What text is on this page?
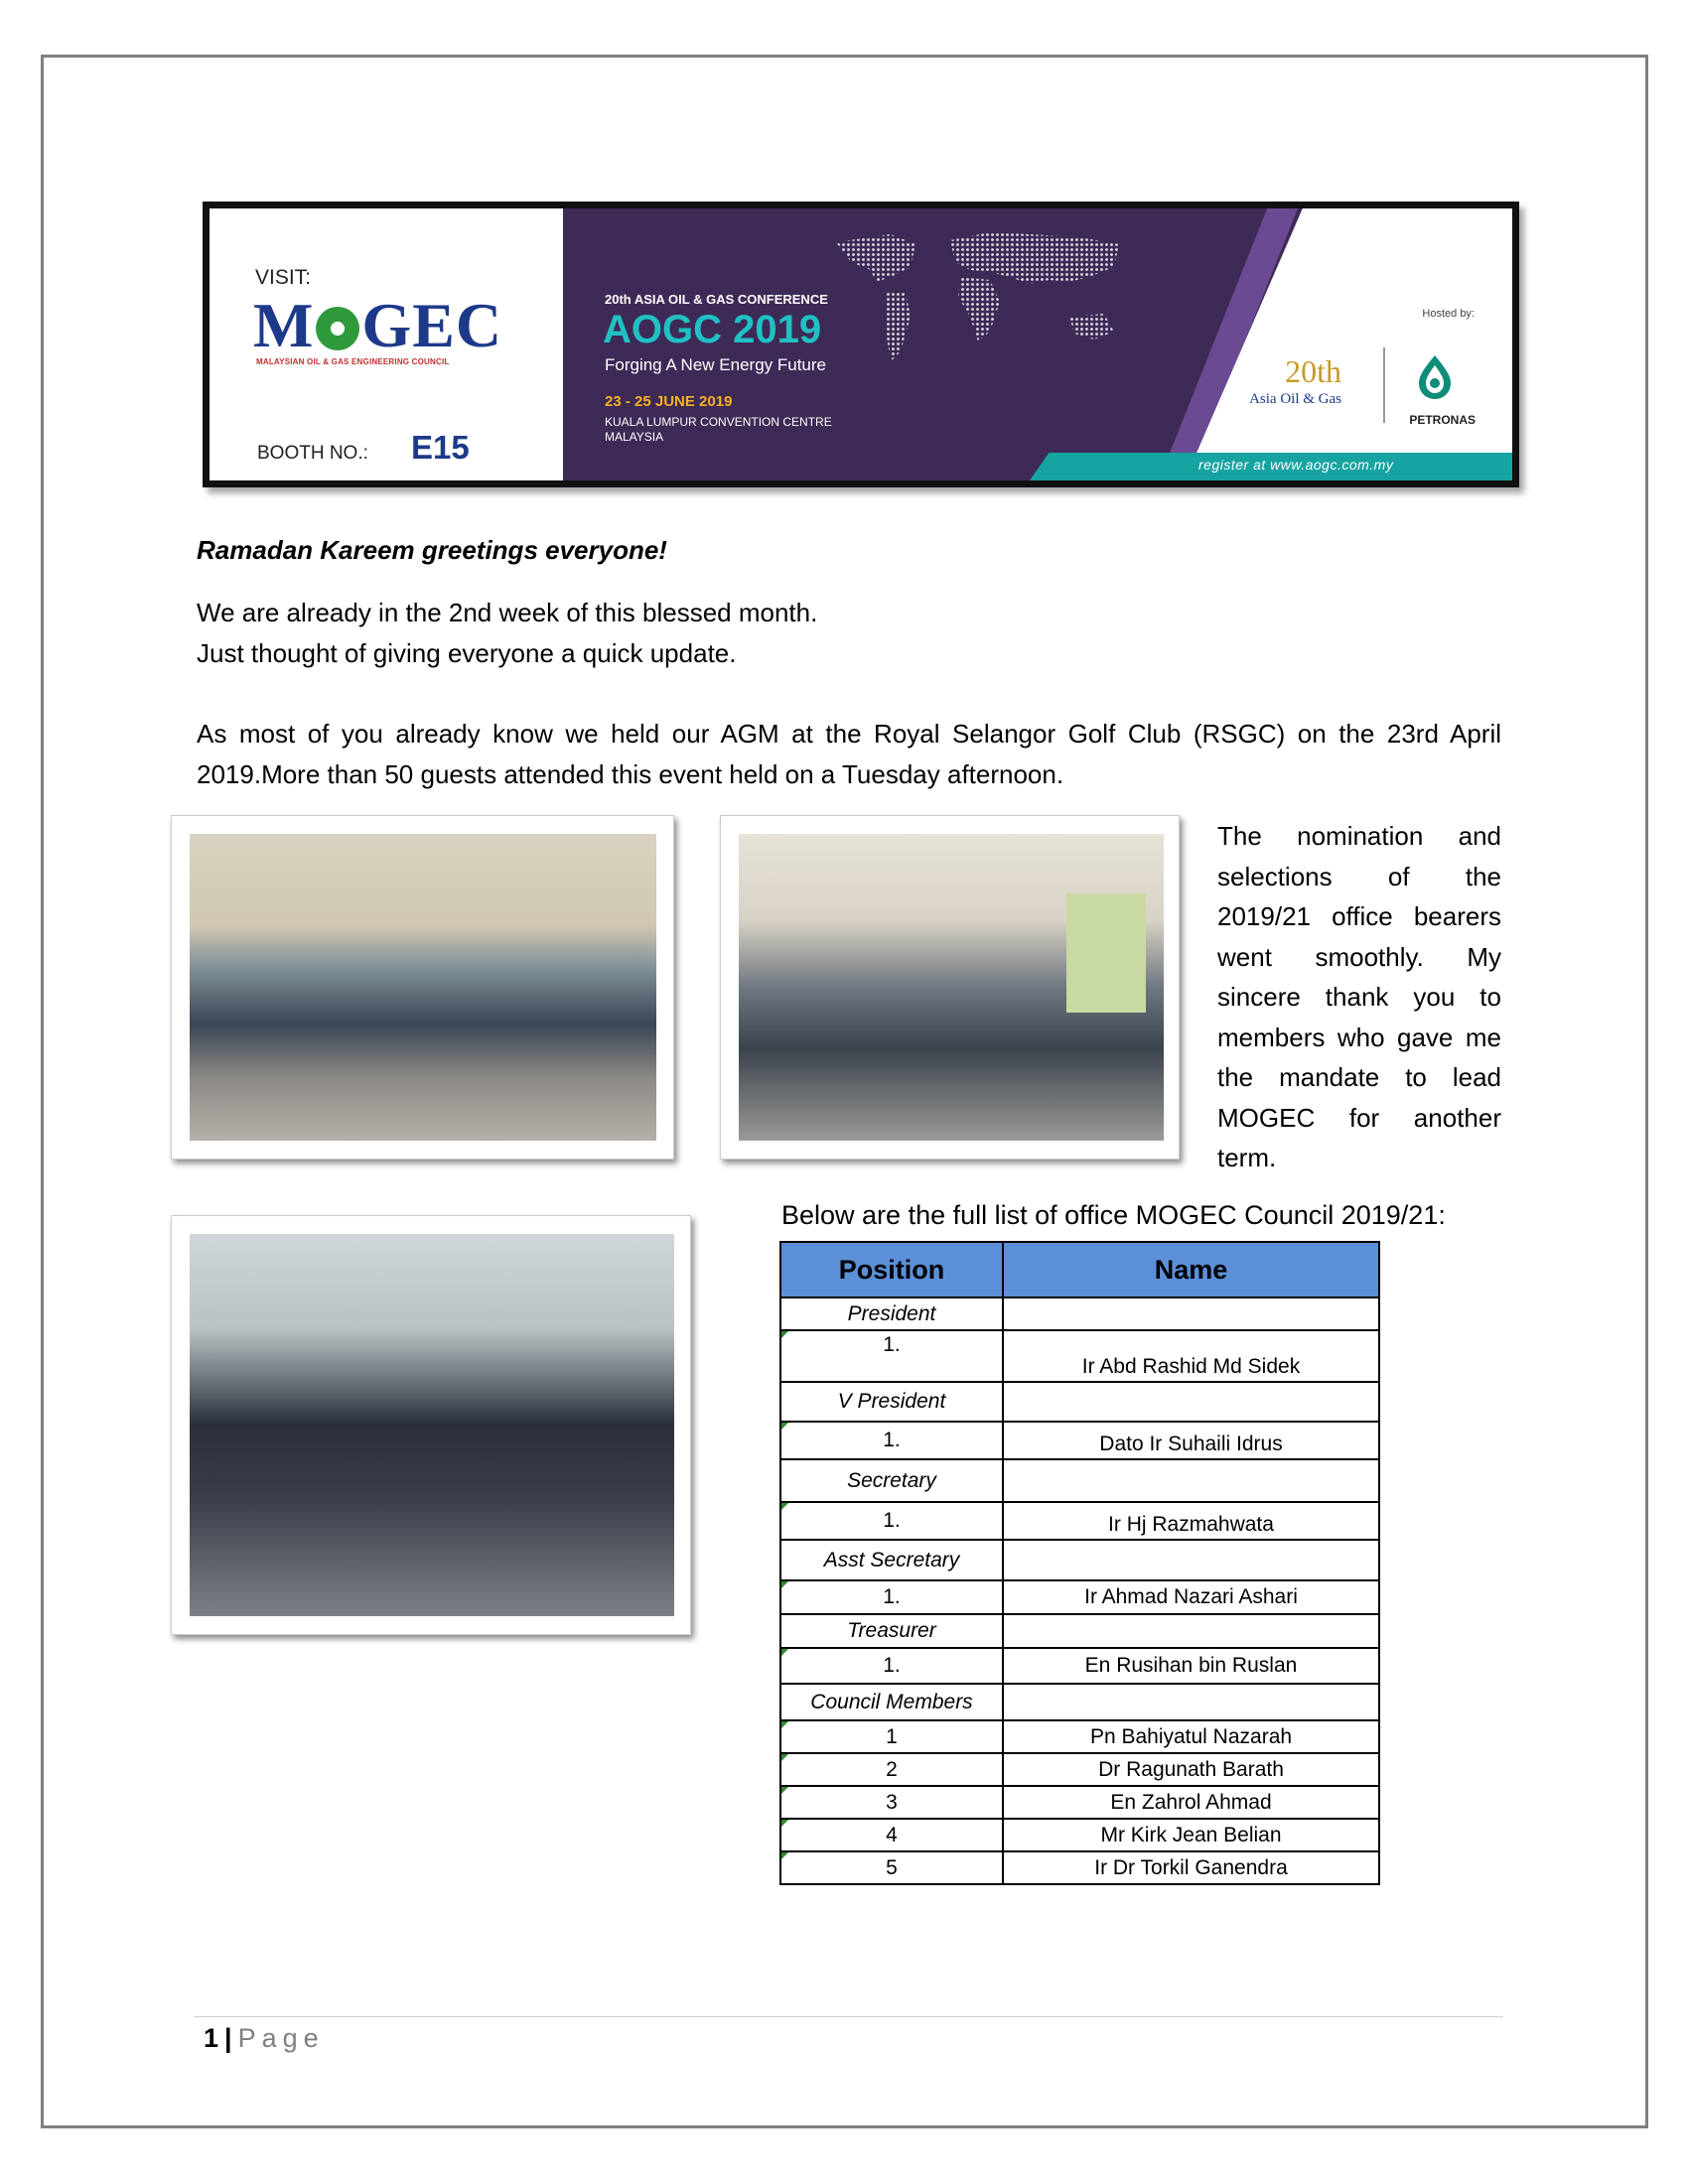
VISIT:
M GEC
MALAYSIAN OIL & GAS ENGINEERING COUNCIL
BOOTH NO.: E15	register at www.aogc.com.my
20th ASIA OIL & GAS CONFERENCE
AOGC 2019
Forging A New Energy Future
23 - 25 JUNE 2019
KUALA LUMPUR CONVENTION CENTRE
MALAYSIA
Hosted by:
20th
Asia Oil & Gas
PETRONAS
Ramadan Kareem greetings everyone!
We are already in the 2nd week of this blessed month.
Just thought of giving everyone a quick update.
As most of you already know we held our AGM at the Royal Selangor Golf Club (RSGC) on the 23rd April 2019.More than 50 guests attended this event held on a Tuesday afternoon.
The nomination and selections of the 2019/21 office bearers went smoothly. My sincere thank you to members who gave me the mandate to lead MOGEC for another term.
Below are the full list of office MOGEC Council 2019/21:
Position	Name
President	
1.	Ir Abd Rashid Md Sidek
V President	
1.	Dato Ir Suhaili Idrus
Secretary	
1.	Ir Hj Razmahwata
Asst Secretary	
1.	Ir Ahmad Nazari Ashari
Treasurer	
1.	En Rusihan bin Ruslan
Council Members	
1	Pn Bahiyatul Nazarah
2	Dr Ragunath Barath
3	En Zahrol Ahmad
4	Mr Kirk Jean Belian
5	Ir Dr Torkil Ganendra
1 | Page
